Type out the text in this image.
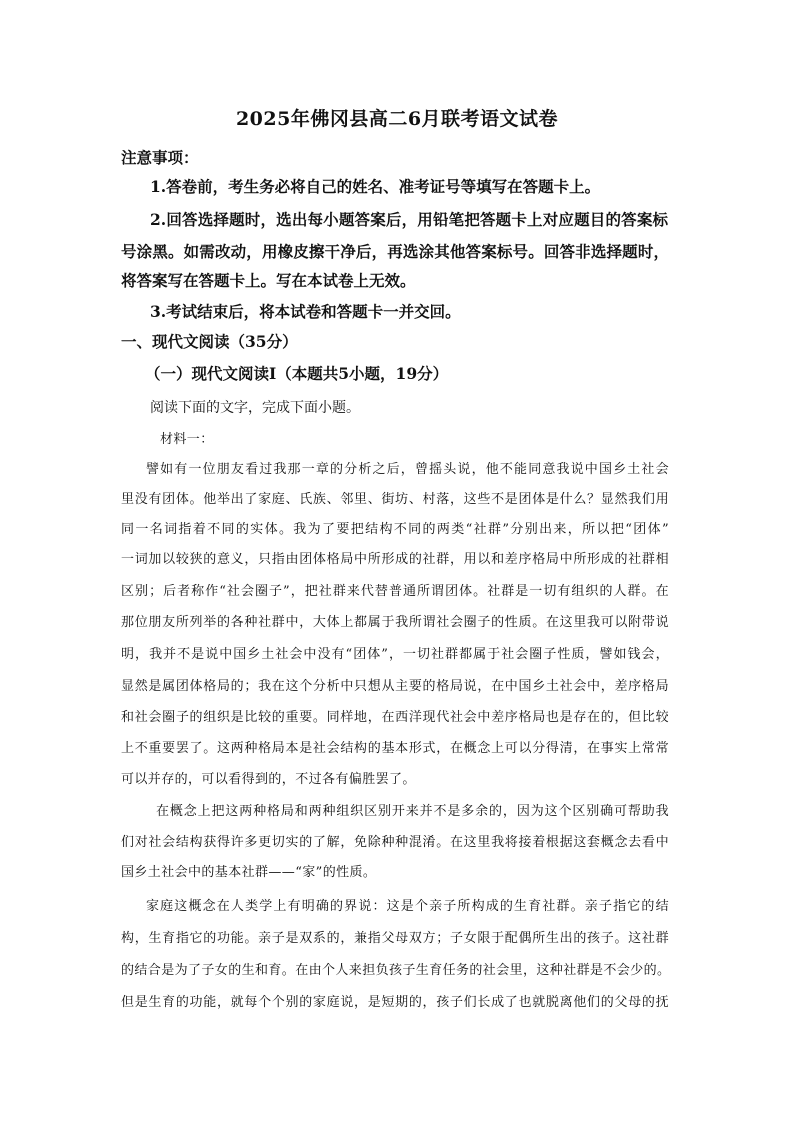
2025年佛冈县高二6月联考语文试卷
注意事项：
1.答卷前，考生务必将自己的姓名、准考证号等填写在答题卡上。
2.回答选择题时，选出每小题答案后，用铅笔把答题卡上对应题目的答案标
号涂黑。如需改动，用橡皮擦干净后，再选涂其他答案标号。回答非选择题时，
将答案写在答题卡上。写在本试卷上无效。
3.考试结束后，将本试卷和答题卡一并交回。
一、现代文阅读（35分）
（一）现代文阅读Ⅰ（本题共5小题，19分）
阅读下面的文字，完成下面小题。
材料一：
譬如有一位朋友看过我那一章的分析之后，曾摇头说，他不能同意我说中国乡土社会
里没有团体。他举出了家庭、氏族、邻里、街坊、村落，这些不是团体是什么？显然我们用
同一名词指着不同的实体。我为了要把结构不同的两类“社群”分别出来，所以把“团体”
一词加以较狭的意义，只指由团体格局中所形成的社群，用以和差序格局中所形成的社群相
区别；后者称作“社会圈子”，把社群来代替普通所谓团体。社群是一切有组织的人群。在
那位朋友所列举的各种社群中，大体上都属于我所谓社会圈子的性质。在这里我可以附带说
明，我并不是说中国乡土社会中没有“团体”，一切社群都属于社会圈子性质，譬如钱会，
显然是属团体格局的；我在这个分析中只想从主要的格局说，在中国乡土社会中，差序格局
和社会圈子的组织是比较的重要。同样地，在西洋现代社会中差序格局也是存在的，但比较
上不重要罢了。这两种格局本是社会结构的基本形式，在概念上可以分得清，在事实上常常
可以并存的，可以看得到的，不过各有偏胜罢了。
在概念上把这两种格局和两种组织区别开来并不是多余的，因为这个区别确可帮助我
们对社会结构获得许多更切实的了解，免除种种混淆。在这里我将接着根据这套概念去看中
国乡土社会中的基本社群——“家”的性质。
家庭这概念在人类学上有明确的界说：这是个亲子所构成的生育社群。亲子指它的结
构，生育指它的功能。亲子是双系的，兼指父母双方；子女限于配偶所生出的孩子。这社群
的结合是为了子女的生和育。在由个人来担负孩子生育任务的社会里，这种社群是不会少的。
但是生育的功能，就每个个别的家庭说，是短期的，孩子们长成了也就脱离他们的父母的抚
